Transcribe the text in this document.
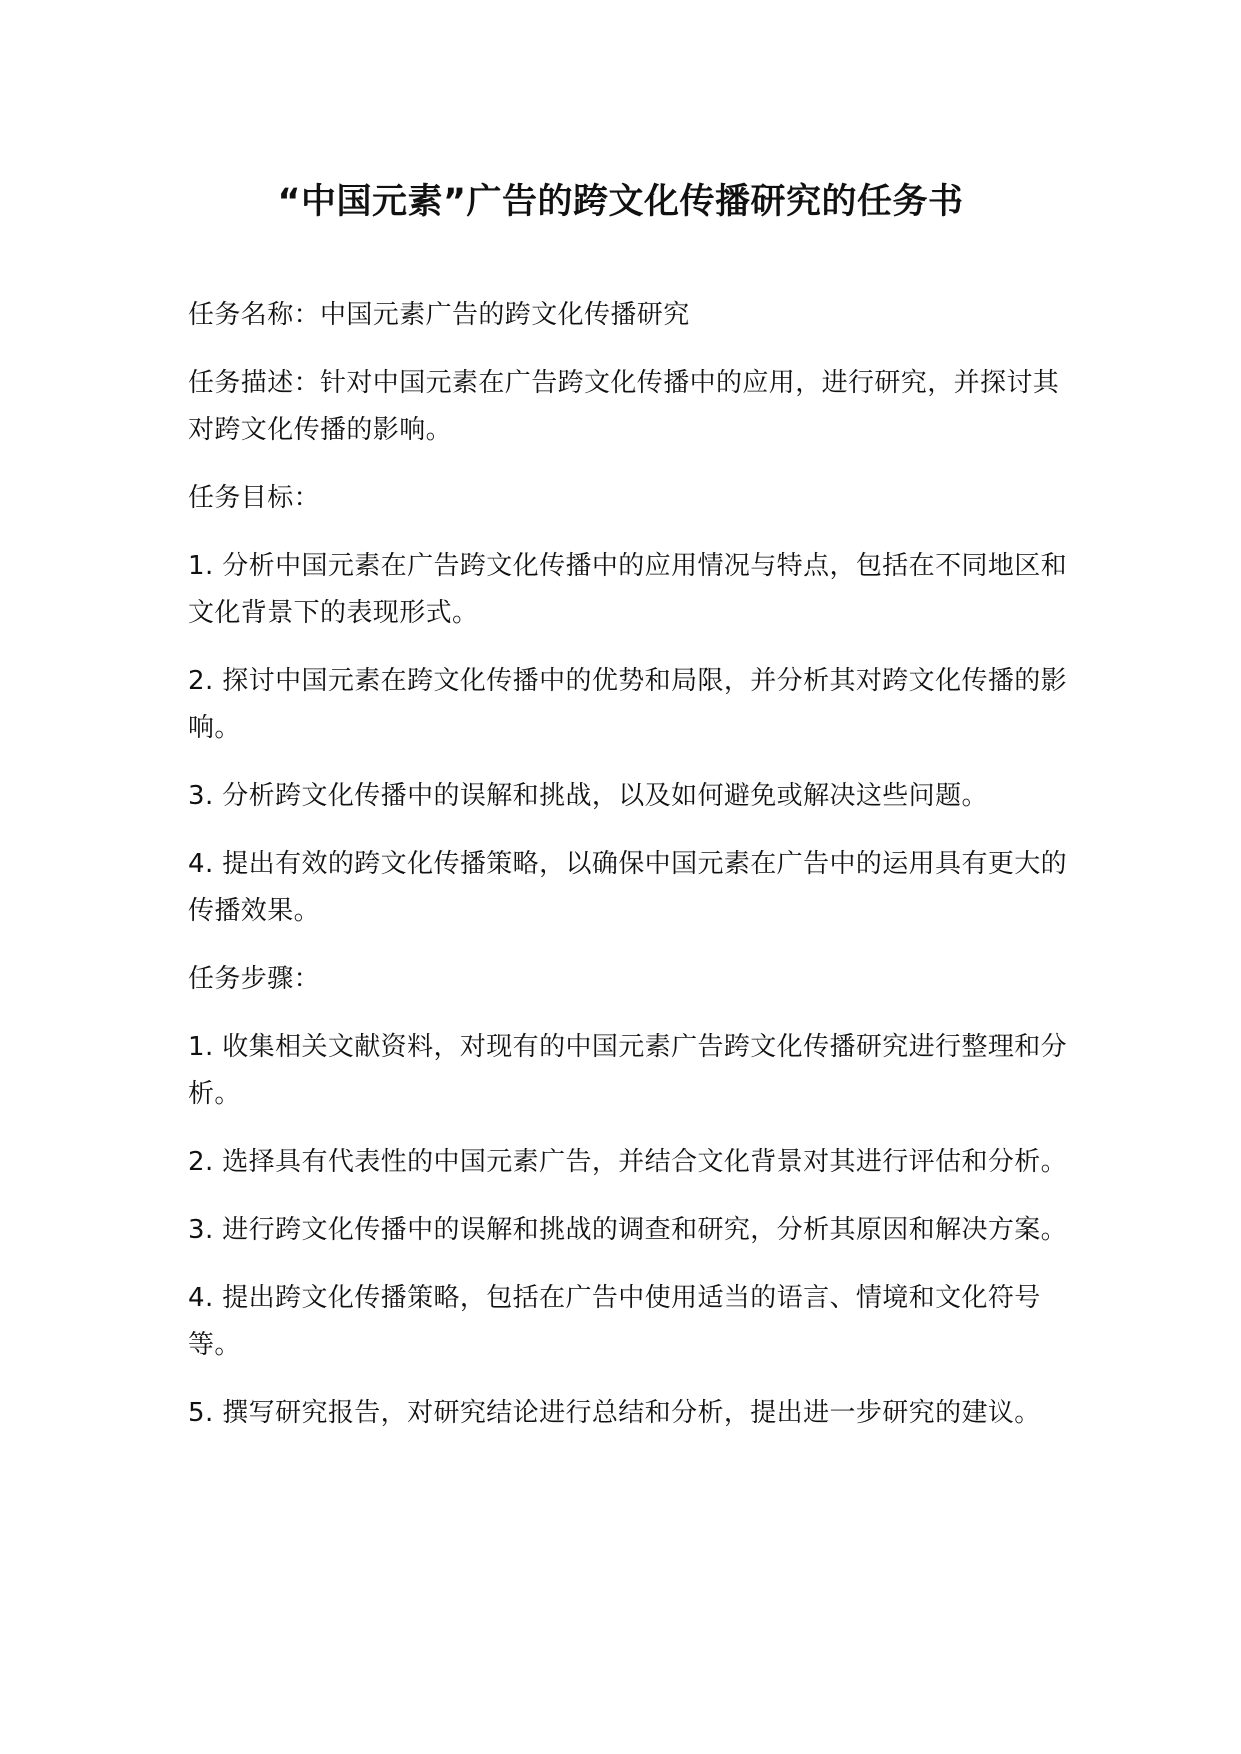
“中国元素”广告的跨文化传播研究的任务书

任务名称：中国元素广告的跨文化传播研究

任务描述：针对中国元素在广告跨文化传播中的应用，进行研究，并探讨其对跨文化传播的影响。

任务目标：

1. 分析中国元素在广告跨文化传播中的应用情况与特点，包括在不同地区和文化背景下的表现形式。

2. 探讨中国元素在跨文化传播中的优势和局限，并分析其对跨文化传播的影响。

3. 分析跨文化传播中的误解和挑战，以及如何避免或解决这些问题。

4. 提出有效的跨文化传播策略，以确保中国元素在广告中的运用具有更大的传播效果。

任务步骤：

1. 收集相关文献资料，对现有的中国元素广告跨文化传播研究进行整理和分析。

2. 选择具有代表性的中国元素广告，并结合文化背景对其进行评估和分析。

3. 进行跨文化传播中的误解和挑战的调查和研究，分析其原因和解决方案。

4. 提出跨文化传播策略，包括在广告中使用适当的语言、情境和文化符号等。

5. 撰写研究报告，对研究结论进行总结和分析，提出进一步研究的建议。
